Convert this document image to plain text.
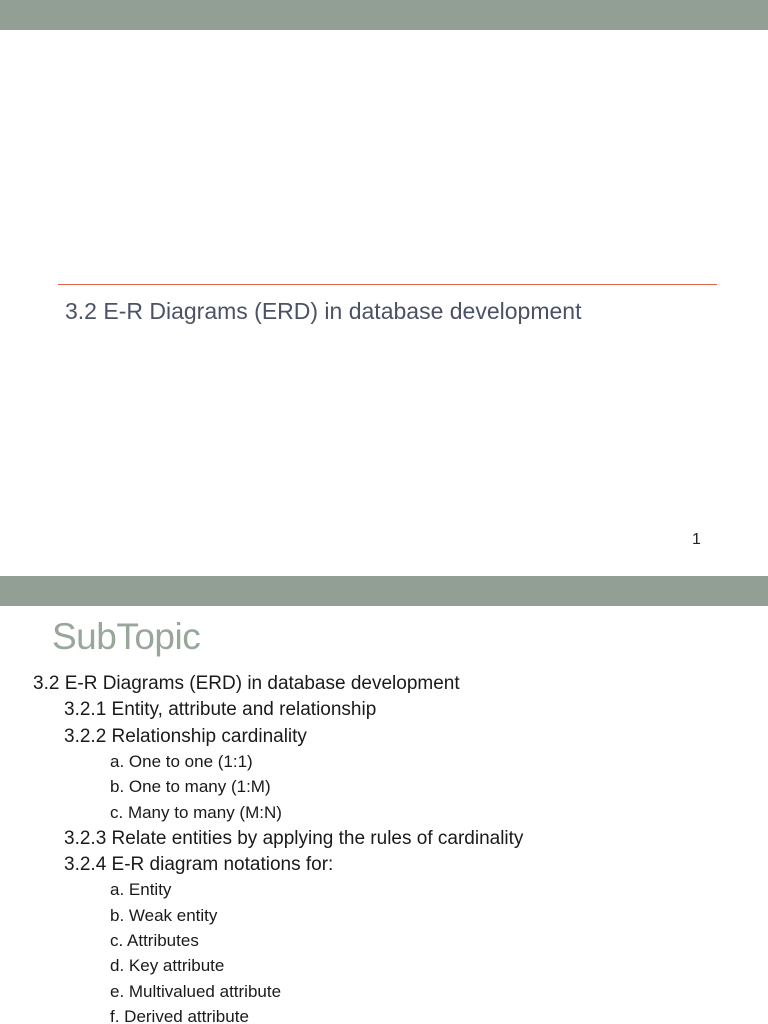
3.2 E-R Diagrams (ERD) in database development
1
SubTopic
3.2 E-R Diagrams (ERD) in database development
3.2.1 Entity, attribute and relationship
3.2.2 Relationship cardinality
a. One to one (1:1)
b. One to many (1:M)
c. Many to many (M:N)
3.2.3 Relate entities by applying the rules of cardinality
3.2.4 E-R diagram notations for:
a. Entity
b. Weak entity
c. Attributes
d. Key attribute
e. Multivalued attribute
f. Derived attribute
